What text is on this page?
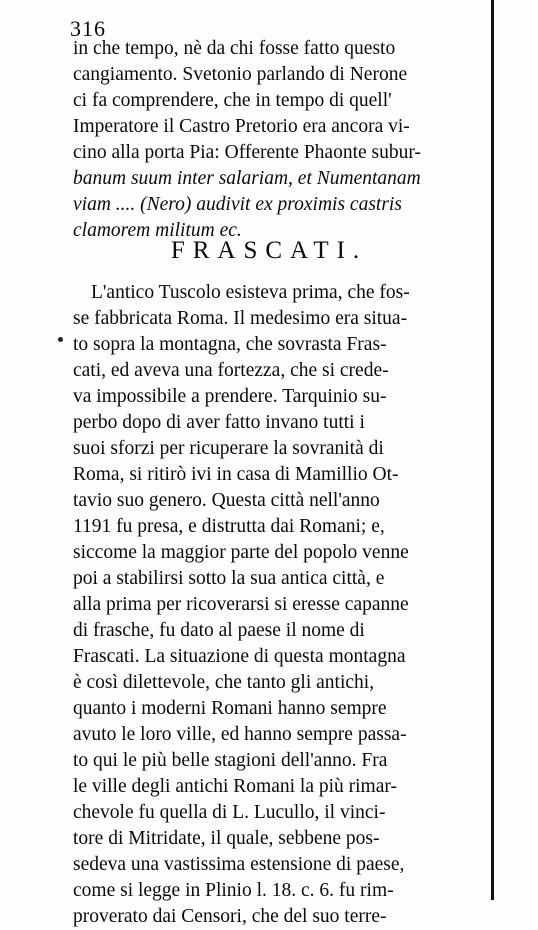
316
in che tempo, nè da chi fosse fatto questo
cangiamento. Svetonio parlando di Nerone
ci fa comprendere, che in tempo di quell'
Imperatore il Castro Pretorio era ancora vi-
cino alla porta Pia: Offerente Phaonte subur-
banum suum inter salariam, et Numentanam
viam .... (Nero) audivit ex proximis castris
clamorem militum ec.
FRASCATI.
L'antico Tuscolo esisteva prima, che fos-
se fabbricata Roma. Il medesimo era situa-
to sopra la montagna, che sovrasta Fras-
cati, ed aveva una fortezza, che si crede-
va impossibile a prendere. Tarquinio su-
perbo dopo di aver fatto invano tutti i
suoi sforzi per ricuperare la sovranità di
Roma, si ritirò ivi in casa di Mamillio Ot-
tavio suo genero. Questa città nell'anno
1191 fu presa, e distrutta dai Romani; e,
siccome la maggior parte del popolo venne
poi a stabilirsi sotto la sua antica città, e
alla prima per ricoverarsi si eresse capanne
di frasche, fu dato al paese il nome di
Frascati. La situazione di questa montagna
è così dilettevole, che tanto gli antichi,
quanto i moderni Romani hanno sempre
avuto le loro ville, ed hanno sempre passa-
to qui le più belle stagioni dell'anno. Fra
le ville degli antichi Romani la più rimar-
chevole fu quella di L. Lucullo, il vinci-
tore di Mitridate, il quale, sebbene pos-
sedeva una vastissima estensione di paese,
come si legge in Plinio l. 18. c. 6. fu rim-
proverato dai Censori, che del suo terre-
